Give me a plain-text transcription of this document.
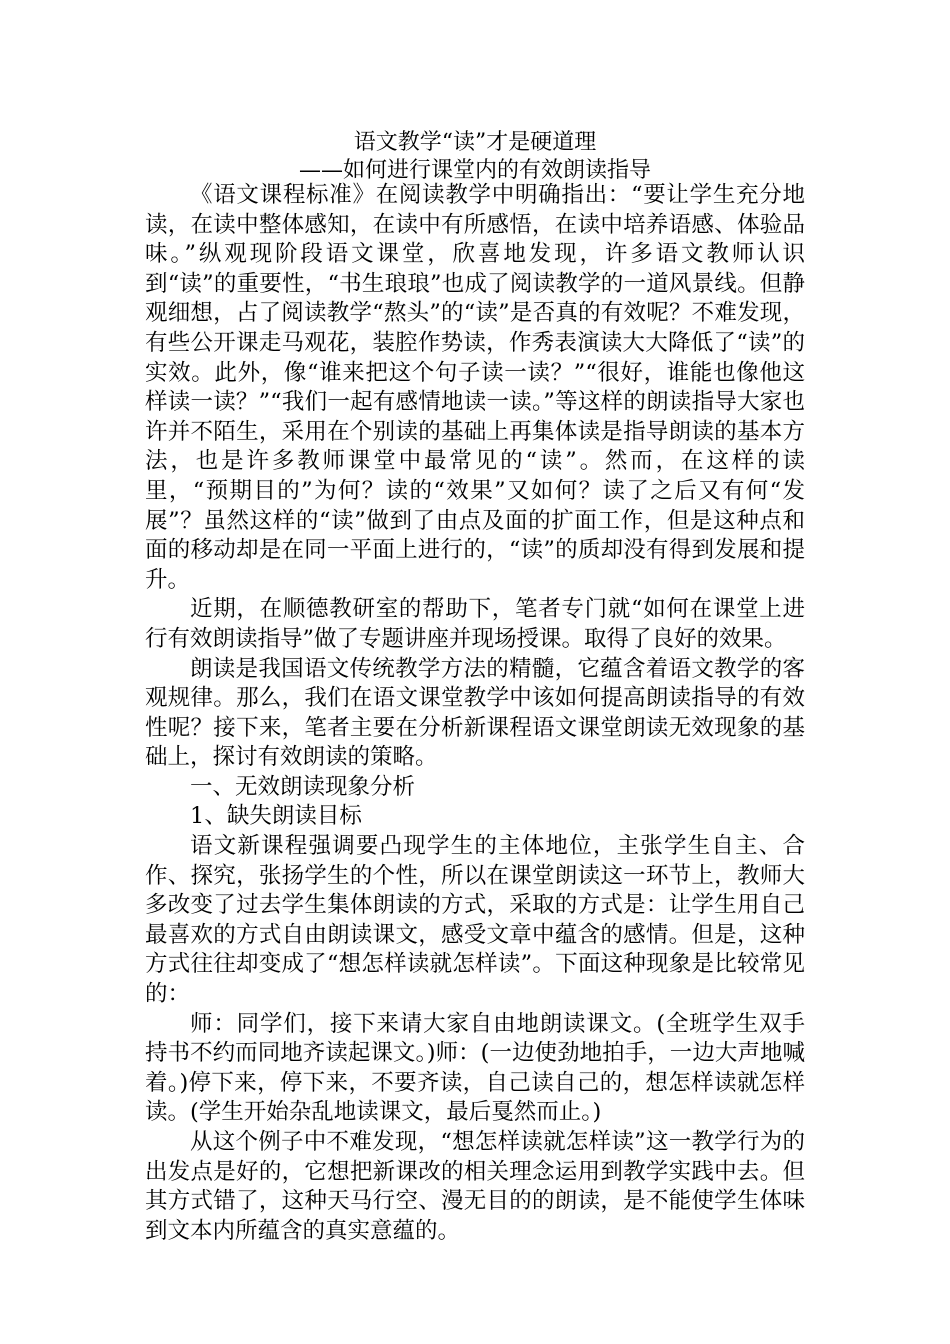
语文教学“读”才是硬道理
——如何进行课堂内的有效朗读指导

《语文课程标准》在阅读教学中明确指出：“要让学生充分地读，在读中整体感知，在读中有所感悟，在读中培养语感、体验品味。”纵观现阶段语文课堂，欣喜地发现，许多语文教师认识到“读”的重要性，“书生琅琅”也成了阅读教学的一道风景线。但静观细想，占了阅读教学“熬头”的“读”是否真的有效呢？不难发现，有些公开课走马观花，装腔作势读，作秀表演读大大降低了“读”的实效。此外，像“谁来把这个句子读一读？”“很好，谁能也像他这样读一读？”“我们一起有感情地读一读。”等这样的朗读指导大家也许并不陌生，采用在个别读的基础上再集体读是指导朗读的基本方法，也是许多教师课堂中最常见的“读”。然而，在这样的读里，“预期目的”为何？读的“效果”又如何？读了之后又有何“发展”？虽然这样的“读”做到了由点及面的扩面工作，但是这种点和面的移动却是在同一平面上进行的，“读”的质却没有得到发展和提升。

近期，在顺德教研室的帮助下，笔者专门就“如何在课堂上进行有效朗读指导”做了专题讲座并现场授课。取得了良好的效果。

朗读是我国语文传统教学方法的精髓，它蕴含着语文教学的客观规律。那么，我们在语文课堂教学中该如何提高朗读指导的有效性呢？接下来，笔者主要在分析新课程语文课堂朗读无效现象的基础上，探讨有效朗读的策略。

一、无效朗读现象分析

1、缺失朗读目标

语文新课程强调要凸现学生的主体地位，主张学生自主、合作、探究，张扬学生的个性，所以在课堂朗读这一环节上，教师大多改变了过去学生集体朗读的方式，采取的方式是：让学生用自己最喜欢的方式自由朗读课文，感受文章中蕴含的感情。但是，这种方式往往却变成了“想怎样读就怎样读”。下面这种现象是比较常见的：

师：同学们，接下来请大家自由地朗读课文。(全班学生双手持书不约而同地齐读起课文。)师：(一边使劲地拍手，一边大声地喊着。)停下来，停下来，不要齐读，自己读自己的，想怎样读就怎样读。(学生开始杂乱地读课文，最后戛然而止。)

从这个例子中不难发现，“想怎样读就怎样读”这一教学行为的出发点是好的，它想把新课改的相关理念运用到教学实践中去。但其方式错了，这种天马行空、漫无目的的朗读，是不能使学生体味到文本内所蕴含的真实意蕴的。
